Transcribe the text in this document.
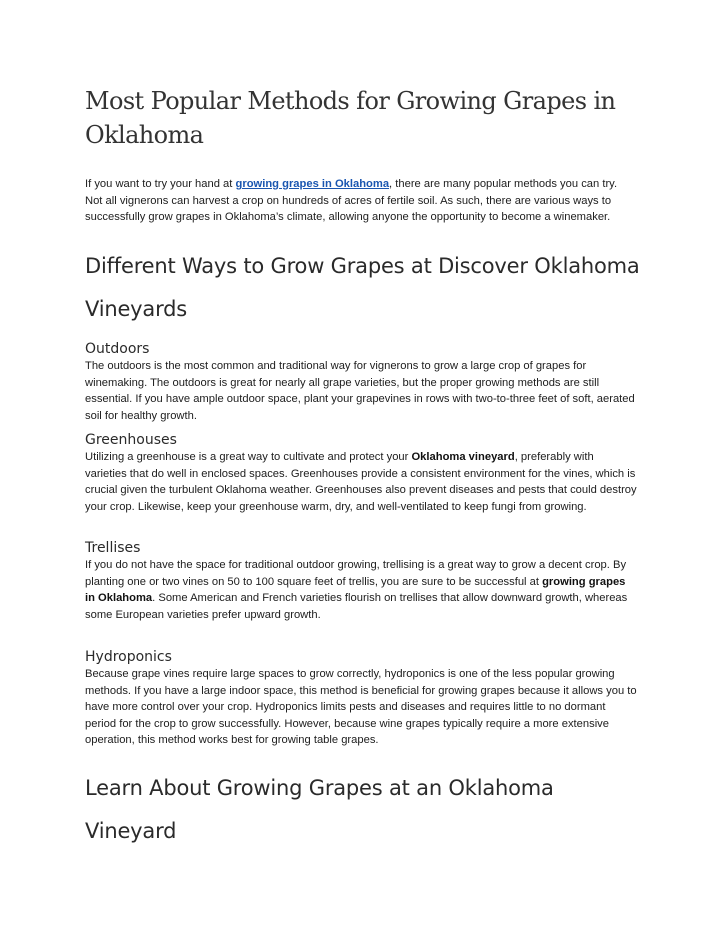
Most Popular Methods for Growing Grapes in Oklahoma

If you want to try your hand at growing grapes in Oklahoma, there are many popular methods you can try. Not all vignerons can harvest a crop on hundreds of acres of fertile soil. As such, there are various ways to successfully grow grapes in Oklahoma’s climate, allowing anyone the opportunity to become a winemaker.

Different Ways to Grow Grapes at Discover Oklahoma Vineyards
Outdoors

The outdoors is the most common and traditional way for vignerons to grow a large crop of grapes for winemaking. The outdoors is great for nearly all grape varieties, but the proper growing methods are still essential. If you have ample outdoor space, plant your grapevines in rows with two-to-three feet of soft, aerated soil for healthy growth.

Greenhouses

Utilizing a greenhouse is a great way to cultivate and protect your Oklahoma vineyard, preferably with varieties that do well in enclosed spaces. Greenhouses provide a consistent environment for the vines, which is crucial given the turbulent Oklahoma weather. Greenhouses also prevent diseases and pests that could destroy your crop. Likewise, keep your greenhouse warm, dry, and well-ventilated to keep fungi from growing.

Trellises

If you do not have the space for traditional outdoor growing, trellising is a great way to grow a decent crop. By planting one or two vines on 50 to 100 square feet of trellis, you are sure to be successful at growing grapes in Oklahoma. Some American and French varieties flourish on trellises that allow downward growth, whereas some European varieties prefer upward growth.

Hydroponics

Because grape vines require large spaces to grow correctly, hydroponics is one of the less popular growing methods. If you have a large indoor space, this method is beneficial for growing grapes because it allows you to have more control over your crop. Hydroponics limits pests and diseases and requires little to no dormant period for the crop to grow successfully. However, because wine grapes typically require a more extensive operation, this method works best for growing table grapes.

Learn About Growing Grapes at an Oklahoma Vineyard
